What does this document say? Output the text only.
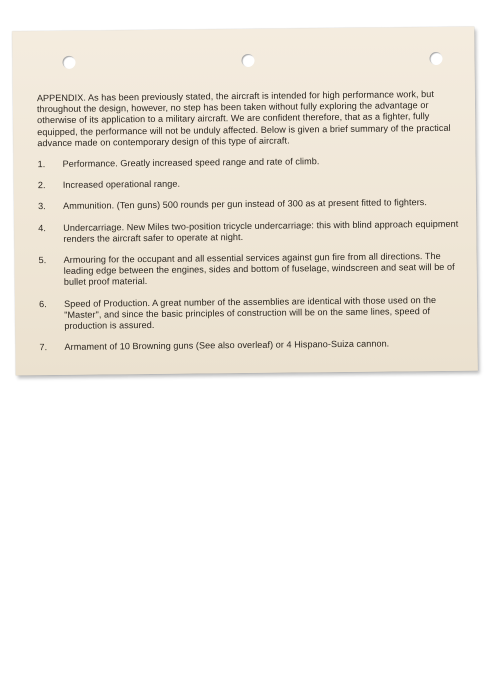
APPENDIX. As has been previously stated, the aircraft is intended for high performance work, but throughout the design, however, no step has been taken without fully exploring the advantage or otherwise of its application to a military aircraft. We are confident therefore, that as a fighter, fully equipped, the performance will not be unduly affected. Below is given a brief summary of the practical advance made on contemporary design of this type of aircraft.

1.	Performance. Greatly increased speed range and rate of climb.
2.	Increased operational range.
3.	Ammunition. (Ten guns) 500 rounds per gun instead of 300 as at present fitted to fighters.
4.	Undercarriage. New Miles two-position tricycle undercarriage: this with blind approach equipment renders the aircraft safer to operate at night.
5.	Armouring for the occupant and all essential services against gun fire from all directions. The leading edge between the engines, sides and bottom of fuselage, windscreen and seat will be of bullet proof material.
6.	Speed of Production. A great number of the assemblies are identical with those used on the "Master", and since the basic principles of construction will be on the same lines, speed of production is assured.
7.	Armament of 10 Browning guns (See also overleaf) or 4 Hispano-Suiza cannon.
